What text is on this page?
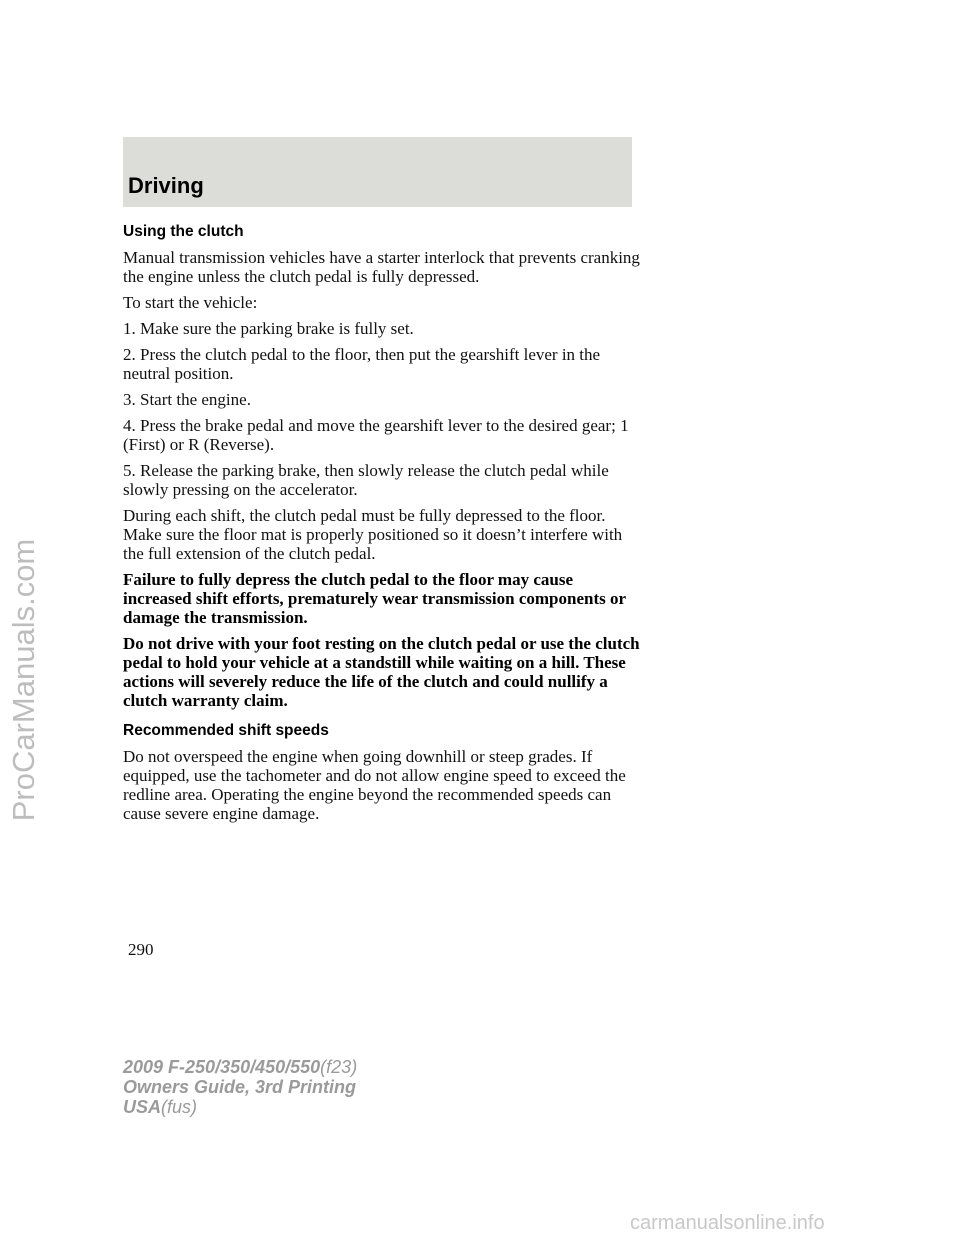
Driving
Using the clutch

Manual transmission vehicles have a starter interlock that prevents cranking the engine unless the clutch pedal is fully depressed.

To start the vehicle:

1. Make sure the parking brake is fully set.

2. Press the clutch pedal to the floor, then put the gearshift lever in the neutral position.

3. Start the engine.

4. Press the brake pedal and move the gearshift lever to the desired gear; 1 (First) or R (Reverse).

5. Release the parking brake, then slowly release the clutch pedal while slowly pressing on the accelerator.

During each shift, the clutch pedal must be fully depressed to the floor. Make sure the floor mat is properly positioned so it doesn’t interfere with the full extension of the clutch pedal.

Failure to fully depress the clutch pedal to the floor may cause increased shift efforts, prematurely wear transmission components or damage the transmission.

Do not drive with your foot resting on the clutch pedal or use the clutch pedal to hold your vehicle at a standstill while waiting on a hill. These actions will severely reduce the life of the clutch and could nullify a clutch warranty claim.

Recommended shift speeds

Do not overspeed the engine when going downhill or steep grades. If equipped, use the tachometer and do not allow engine speed to exceed the redline area. Operating the engine beyond the recommended speeds can cause severe engine damage.

290
2009 F-250/350/450/550(f23)
Owners Guide, 3rd Printing
USA(fus)
ProCarManuals.com
carmanualsonline.info
